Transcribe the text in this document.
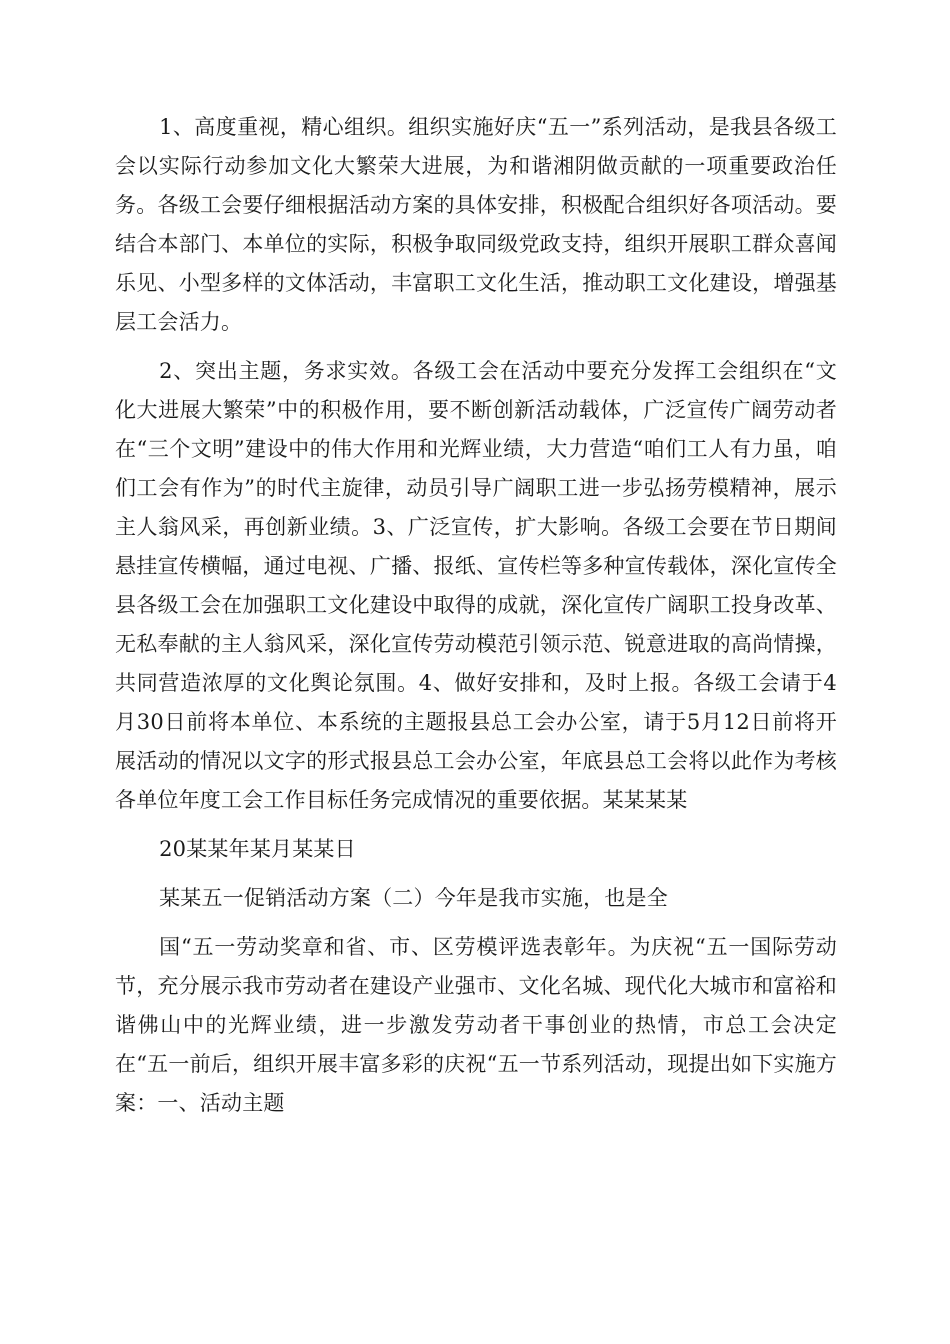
1、高度重视，精心组织。组织实施好庆“五一”系列活动，是我县各级工会以实际行动参加文化大繁荣大进展，为和谐湘阴做贡献的一项重要政治任务。各级工会要仔细根据活动方案的具体安排，积极配合组织好各项活动。要结合本部门、本单位的实际，积极争取同级党政支持，组织开展职工群众喜闻乐见、小型多样的文体活动，丰富职工文化生活，推动职工文化建设，增强基层工会活力。

2、突出主题，务求实效。各级工会在活动中要充分发挥工会组织在“文化大进展大繁荣”中的积极作用，要不断创新活动载体，广泛宣传广阔劳动者在“三个文明”建设中的伟大作用和光辉业绩，大力营造“咱们工人有力虽，咱们工会有作为”的时代主旋律，动员引导广阔职工进一步弘扬劳模精神，展示主人翁风采，再创新业绩。3、广泛宣传，扩大影响。各级工会要在节日期间悬挂宣传横幅，通过电视、广播、报纸、宣传栏等多种宣传载体，深化宣传全县各级工会在加强职工文化建设中取得的成就，深化宣传广阔职工投身改革、无私奉献的主人翁风采，深化宣传劳动模范引领示范、锐意进取的高尚情操，共同营造浓厚的文化舆论氛围。4、做好安排和，及时上报。各级工会请于4月30日前将本单位、本系统的主题报县总工会办公室，请于5月12日前将开展活动的情况以文字的形式报县总工会办公室，年底县总工会将以此作为考核各单位年度工会工作目标任务完成情况的重要依据。某某某某

20某某年某月某某日

某某五一促销活动方案（二）今年是我市实施，也是全

国“五一劳动奖章和省、市、区劳模评选表彰年。为庆祝“五一国际劳动节，充分展示我市劳动者在建设产业强市、文化名城、现代化大城市和富裕和谐佛山中的光辉业绩，进一步激发劳动者干事创业的热情，市总工会决定在“五一前后，组织开展丰富多彩的庆祝“五一节系列活动，现提出如下实施方案：一、活动主题
